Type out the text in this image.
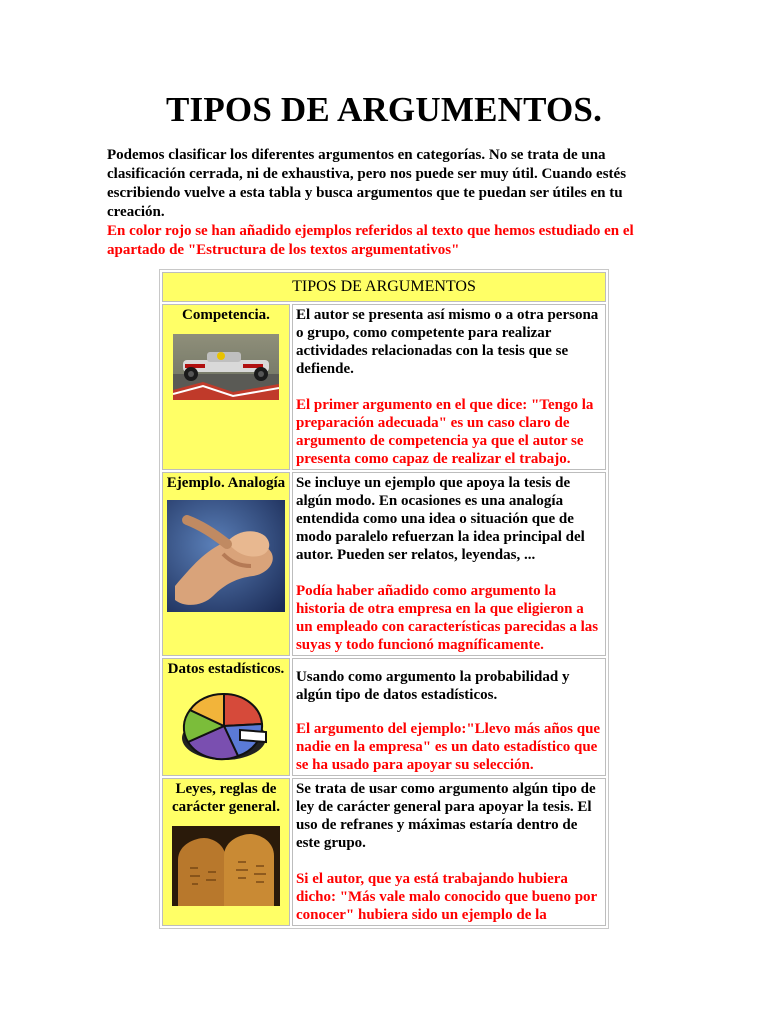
TIPOS DE ARGUMENTOS.
Podemos clasificar los diferentes argumentos en categorías. No se trata de una clasificación cerrada, ni de exhaustiva, pero nos puede ser muy útil. Cuando estés escribiendo vuelve a esta tabla y busca argumentos que te puedan ser útiles en tu creación.
En color rojo se han añadido ejemplos referidos al texto que hemos estudiado en el apartado de "Estructura de los textos argumentativos"
TIPOS DE ARGUMENTOS	

Competencia.	El autor se presenta así mismo o a otra persona o grupo, como competente para realizar actividades relacionadas con la tesis que se defiende.

El primer argumento en el que dice: "Tengo la preparación adecuada" es un caso claro de argumento de competencia ya que el autor se presenta como capaz de realizar el trabajo.

Ejemplo. Analogía	Se incluye un ejemplo que apoya la tesis de algún modo. En ocasiones es una analogía entendida como una idea o situación que de modo paralelo refuerzan la idea principal del autor. Pueden ser relatos, leyendas, ...

Podía haber añadido como argumento la historia de otra empresa en la que eligieron a un empleado con características parecidas a las suyas y todo funcionó magníficamente.

Datos estadísticos.	Usando como argumento la probabilidad y algún tipo de datos estadísticos.

El argumento del ejemplo:"Llevo más años que nadie en la empresa" es un dato estadístico que se ha usado para apoyar su selección.

Leyes, reglas de carácter general.	Se trata de usar como argumento algún tipo de ley de carácter general para apoyar la tesis. El uso de refranes y máximas estaría dentro de este grupo.

Si el autor, que ya está trabajando hubiera dicho: "Más vale malo conocido que bueno por conocer" hubiera sido un ejemplo de la
